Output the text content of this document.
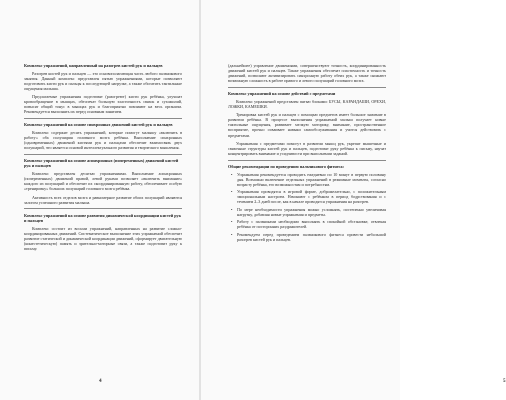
Комплекс упражнений, направленный на разогрев кистей рук и пальцев

Разогрев кистей рук и пальцев — это основополагающая часть любого пальчикового занятия. Данный комплекс представлен пятью упражнениями, которые позволяют подготовить кисти рук и пальцы к последующей нагрузке, а также обогатить тактильные ощущения малыша.

Предлагаемые упражнения подготовят (разогреют) кисти рук ребёнка, улучшат кровообращение в мышцах, обеспечат большую эластичность связок и сухожилий, повысят общий тонус в мышцах рук и благоприятно повлияют на весь организм. Рекомендуется выполнять их перед основным занятием.

Комплекс упражнений на основе синхронных движений кистей рук и пальцев

Комплекс содержит десять упражнений, которые помогут малышу «включить в работу» оба полушария головного мозга ребёнка. Выполнение синхронных (одновременных) движений кистями рук и пальцами обеспечит взаимосвязь двух полушарий, что является основой интеллектуального развития и творческого мышления.

Комплекс упражнений на основе асинхронных (попеременных) движений кистей рук и пальцев

Комплекс представлен десятью упражнениями. Выполнение асинхронных (попеременных) движений правой, левой руками позволяет «включить внимание» каждого из полушарий и обеспечит их скоординированную работу, обеспечивает особую «тренировку» больших полушарий головного мозга ребёнка.

Активность всех отделов мозга и равномерное развитие обоих полушарий являются залогом успешного развития малыша.

Комплекс упражнений на основе развития динамической координации кистей рук и пальцев

Комплекс состоит из восьми упражнений, направленных на развитие сложно-координированных движений. Систематическое выполнение этих упражнений обеспечит развитие статической и динамической координации движений, сформирует двигательную (кинестетическую) память и зрительно-моторные связи, а также подготовит руку к письму.

4

(дальнейшее) управление движениями, совершенствуют точность, координированность движений кистей рук и пальцев. Также упражнения обеспечат пластичность и точность движений, позволяют активизировать синхронную работу обеих рук, а также снижают возможную сложность в работе правого и левого полушарий головного мозга.

Комплекс упражнений на основе действий с предметами

Комплекс упражнений представлен пятью блоками: БУСЫ, КАРАНДАШИ, ОРЕХИ, ЛОЖКИ, КАМЕШКИ.

Тренировка кистей рук и пальцев с помощью предметов имеет большое значение в развитии ребёнка. В процессе выполнения упражнений малыш получает новые тактильные ощущения, развивает мелкую моторику, внимание, пространственное восприятие, прочно осваивает навыки самообслуживания и учится действовать с предметами.

Упражнения с предметами помогут в развитии мышц рук, укрепят мышечные и связочные структуры кистей рук и пальцев, подготовят руку ребёнка к письму, научат концентрировать внимание и усидчивости при выполнении заданий.

Общие рекомендации по проведению пальчикового фитнеса:
• Упражнения рекомендуется проводить ежедневно по 10 минут в первую половину дня. Возможно включение отдельных упражнений в режимные моменты, согласно возрасту ребёнка, его возможностям и потребностям.
• Упражнения проводятся в игровой форме, доброжелательно, с положительным эмоциональным настроем. Начинают с ребёнком в период бодрствования и с течением 2–3 дней после, как в начале проводятся упражнения на разогрев.
• По мере необходимости упражнения можно усложнять, постепенно увеличивая нагрузку, добавляя новые упражнения и предметы.
• Работу с пальчиками необходимо выполнять в спокойной обстановке, отвлекая ребёнка от посторонних раздражителей.
• Рекомендуем перед проведением пальчикового фитнеса провести небольшой разогрев кистей рук и пальцев.
5
